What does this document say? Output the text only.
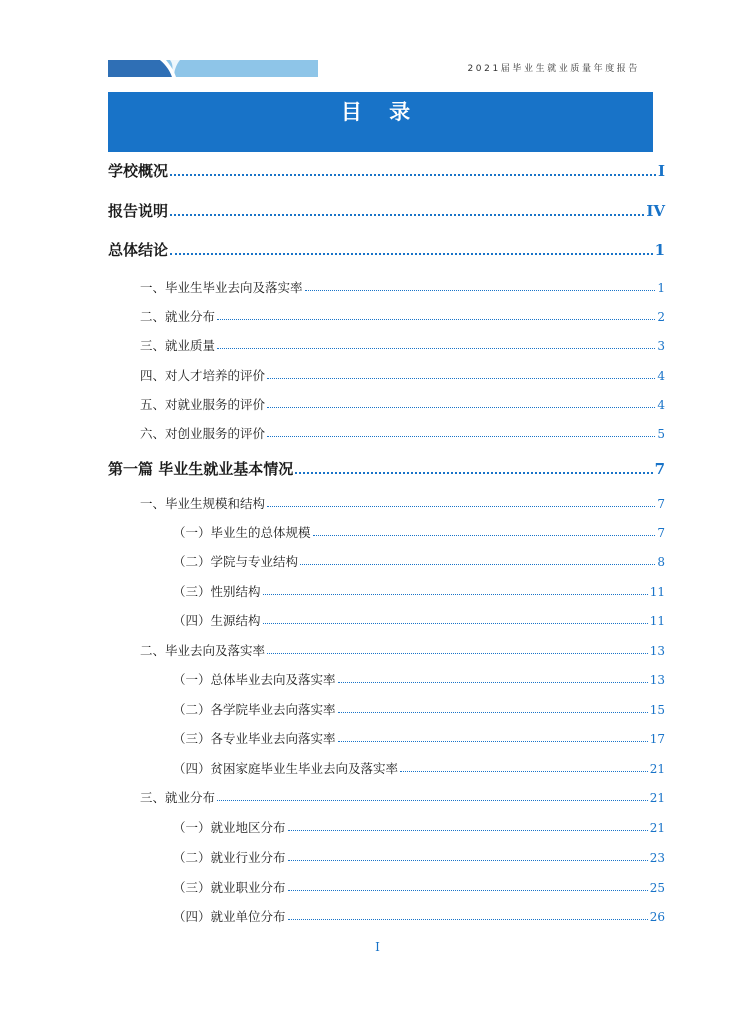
2021届毕业生就业质量年度报告
目 录
学校概况	I
报告说明	IV
总体结论	1
一、毕业生毕业去向及落实率	1
二、就业分布	2
三、就业质量	3
四、对人才培养的评价	4
五、对就业服务的评价	4
六、对创业服务的评价	5
第一篇 毕业生就业基本情况	7
一、毕业生规模和结构	7
（一）毕业生的总体规模	7
（二）学院与专业结构	8
（三）性别结构	11
（四）生源结构	11
二、毕业去向及落实率	13
（一）总体毕业去向及落实率	13
（二）各学院毕业去向落实率	15
（三）各专业毕业去向落实率	17
（四）贫困家庭毕业生毕业去向及落实率	21
三、就业分布	21
（一）就业地区分布	21
（二）就业行业分布	23
（三）就业职业分布	25
（四）就业单位分布	26
I
